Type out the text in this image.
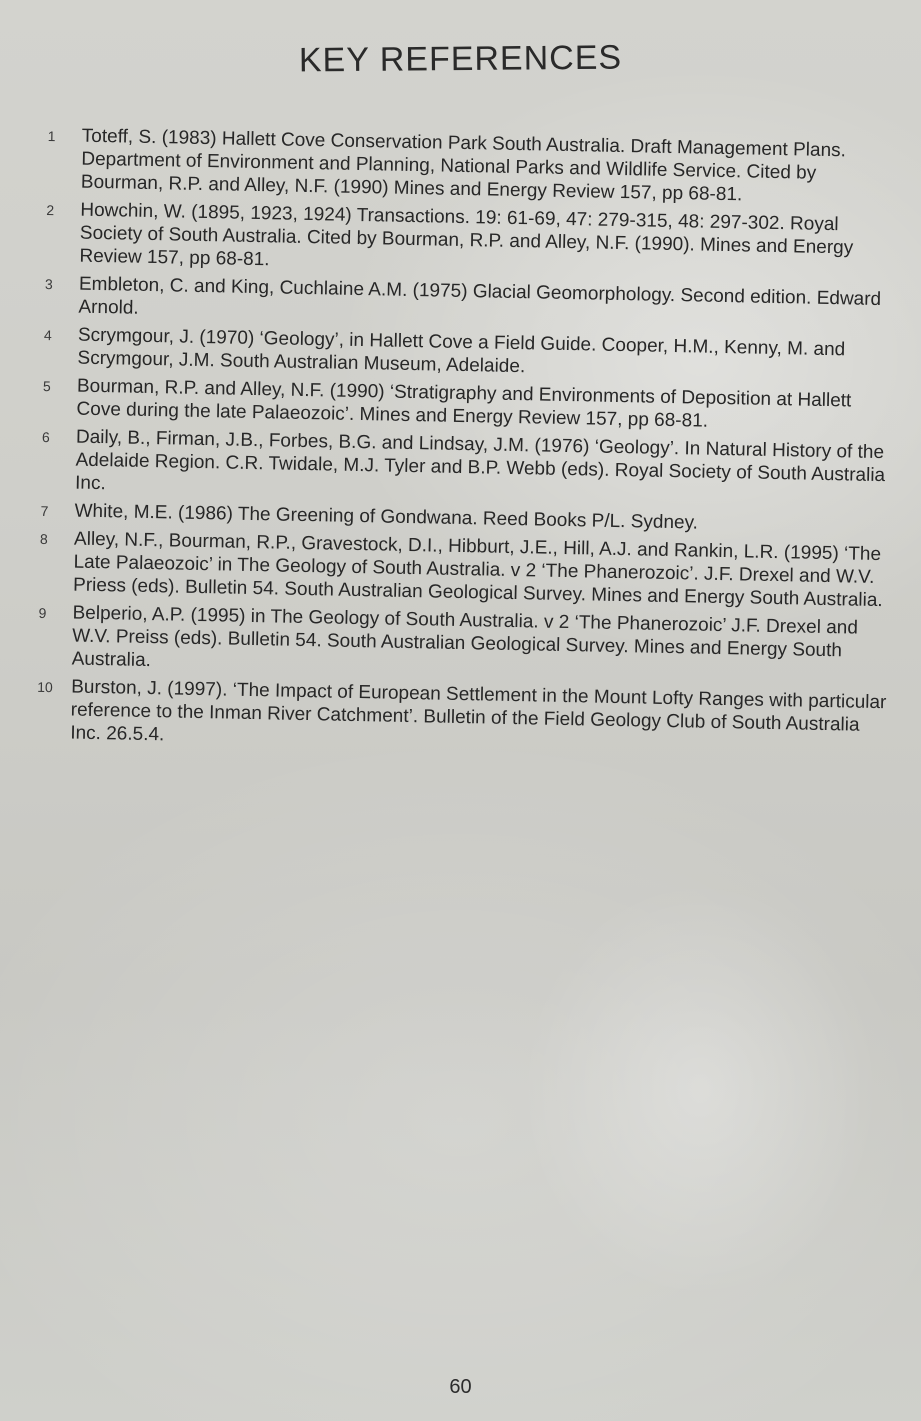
KEY REFERENCES
1 Toteff, S. (1983) Hallett Cove Conservation Park South Australia. Draft Management Plans. Department of Environment and Planning, National Parks and Wildlife Service. Cited by Bourman, R.P. and Alley, N.F. (1990) Mines and Energy Review 157, pp 68-81.
2 Howchin, W. (1895, 1923, 1924) Transactions. 19: 61-69, 47: 279-315, 48: 297-302. Royal Society of South Australia. Cited by Bourman, R.P. and Alley, N.F. (1990). Mines and Energy Review 157, pp 68-81.
3 Embleton, C. and King, Cuchlaine A.M. (1975) Glacial Geomorphology. Second edition. Edward Arnold.
4 Scrymgour, J. (1970) ‘Geology’, in Hallett Cove a Field Guide. Cooper, H.M., Kenny, M. and Scrymgour, J.M. South Australian Museum, Adelaide.
5 Bourman, R.P. and Alley, N.F. (1990) ‘Stratigraphy and Environments of Deposition at Hallett Cove during the late Palaeozoic’. Mines and Energy Review 157, pp 68-81.
6 Daily, B., Firman, J.B., Forbes, B.G. and Lindsay, J.M. (1976) ‘Geology’. In Natural History of the Adelaide Region. C.R. Twidale, M.J. Tyler and B.P. Webb (eds). Royal Society of South Australia Inc.
7 White, M.E. (1986) The Greening of Gondwana. Reed Books P/L. Sydney.
8 Alley, N.F., Bourman, R.P., Gravestock, D.I., Hibburt, J.E., Hill, A.J. and Rankin, L.R. (1995) ‘The Late Palaeozoic’ in The Geology of South Australia. v 2 ‘The Phanerozoic’. J.F. Drexel and W.V. Priess (eds). Bulletin 54. South Australian Geological Survey. Mines and Energy South Australia.
9 Belperio, A.P. (1995) in The Geology of South Australia. v 2 ‘The Phanerozoic’ J.F. Drexel and W.V. Preiss (eds). Bulletin 54. South Australian Geological Survey. Mines and Energy South Australia.
10 Burston, J. (1997). ‘The Impact of European Settlement in the Mount Lofty Ranges with particular reference to the Inman River Catchment’. Bulletin of the Field Geology Club of South Australia Inc. 26.5.4.
60
